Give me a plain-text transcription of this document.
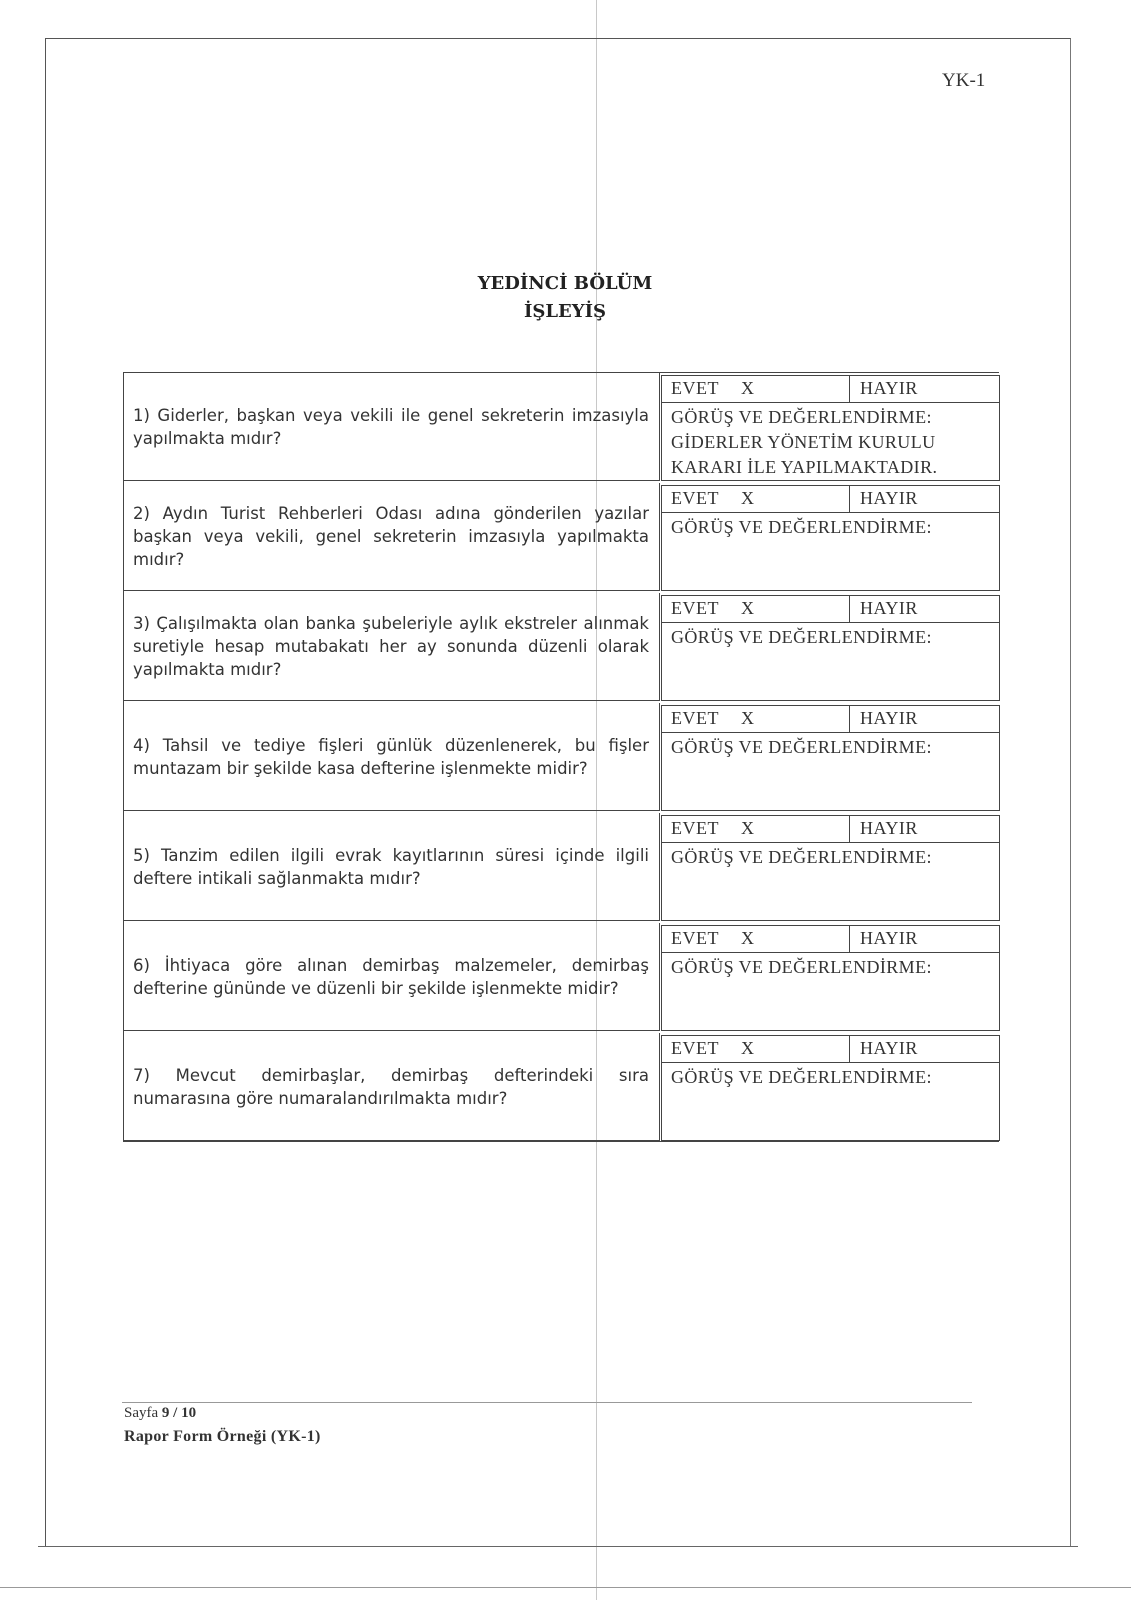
YK-1
YEDİNCİ BÖLÜM
İŞLEYİŞ
1) Giderler, başkan veya vekili ile genel sekreterin imzasıyla yapılmakta mıdır?
EVET X	HAYIR
GÖRÜŞ VE DEĞERLENDİRME:
GİDERLER YÖNETİM KURULU KARARI İLE YAPILMAKTADIR.
2) Aydın Turist Rehberleri Odası adına gönderilen yazılar başkan veya vekili, genel sekreterin imzasıyla yapılmakta mıdır?
EVET X	HAYIR
GÖRÜŞ VE DEĞERLENDİRME:
3) Çalışılmakta olan banka şubeleriyle aylık ekstreler alınmak suretiyle hesap mutabakatı her ay sonunda düzenli olarak yapılmakta mıdır?
EVET X	HAYIR
GÖRÜŞ VE DEĞERLENDİRME:
4) Tahsil ve tediye fişleri günlük düzenlenerek, bu fişler muntazam bir şekilde kasa defterine işlenmekte midir?
EVET X	HAYIR
GÖRÜŞ VE DEĞERLENDİRME:
5) Tanzim edilen ilgili evrak kayıtlarının süresi içinde ilgili deftere intikali sağlanmakta mıdır?
EVET X	HAYIR
GÖRÜŞ VE DEĞERLENDİRME:
6) İhtiyaca göre alınan demirbaş malzemeler, demirbaş defterine gününde ve düzenli bir şekilde işlenmekte midir?
EVET X	HAYIR
GÖRÜŞ VE DEĞERLENDİRME:
7) Mevcut demirbaşlar, demirbaş defterindeki sıra numarasına göre numaralandırılmakta mıdır?
EVET X	HAYIR
GÖRÜŞ VE DEĞERLENDİRME:
Sayfa 9 / 10
Rapor Form Örneği (YK-1)
